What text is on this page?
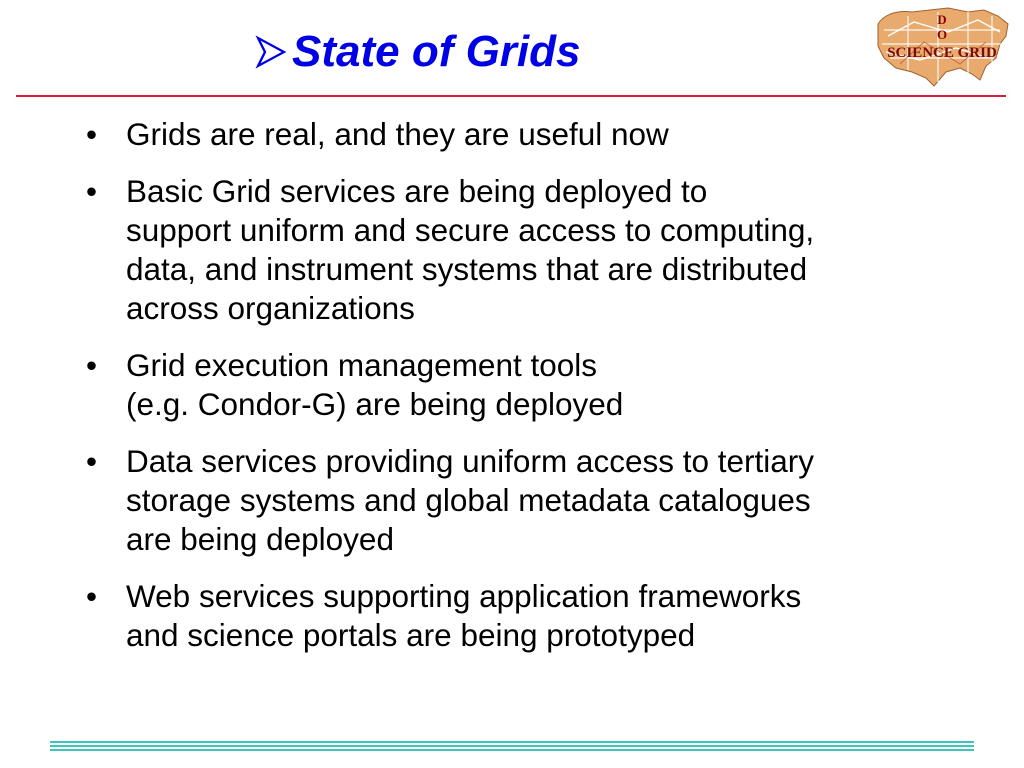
State of Grids
D
O
SCIENCE GRID
• Grids are real, and they are useful now
• Basic Grid services are being deployed to
support uniform and secure access to computing,
data, and instrument systems that are distributed
across organizations
• Grid execution management tools
(e.g. Condor-G) are being deployed
• Data services providing uniform access to tertiary
storage systems and global metadata catalogues
are being deployed
• Web services supporting application frameworks
and science portals are being prototyped
